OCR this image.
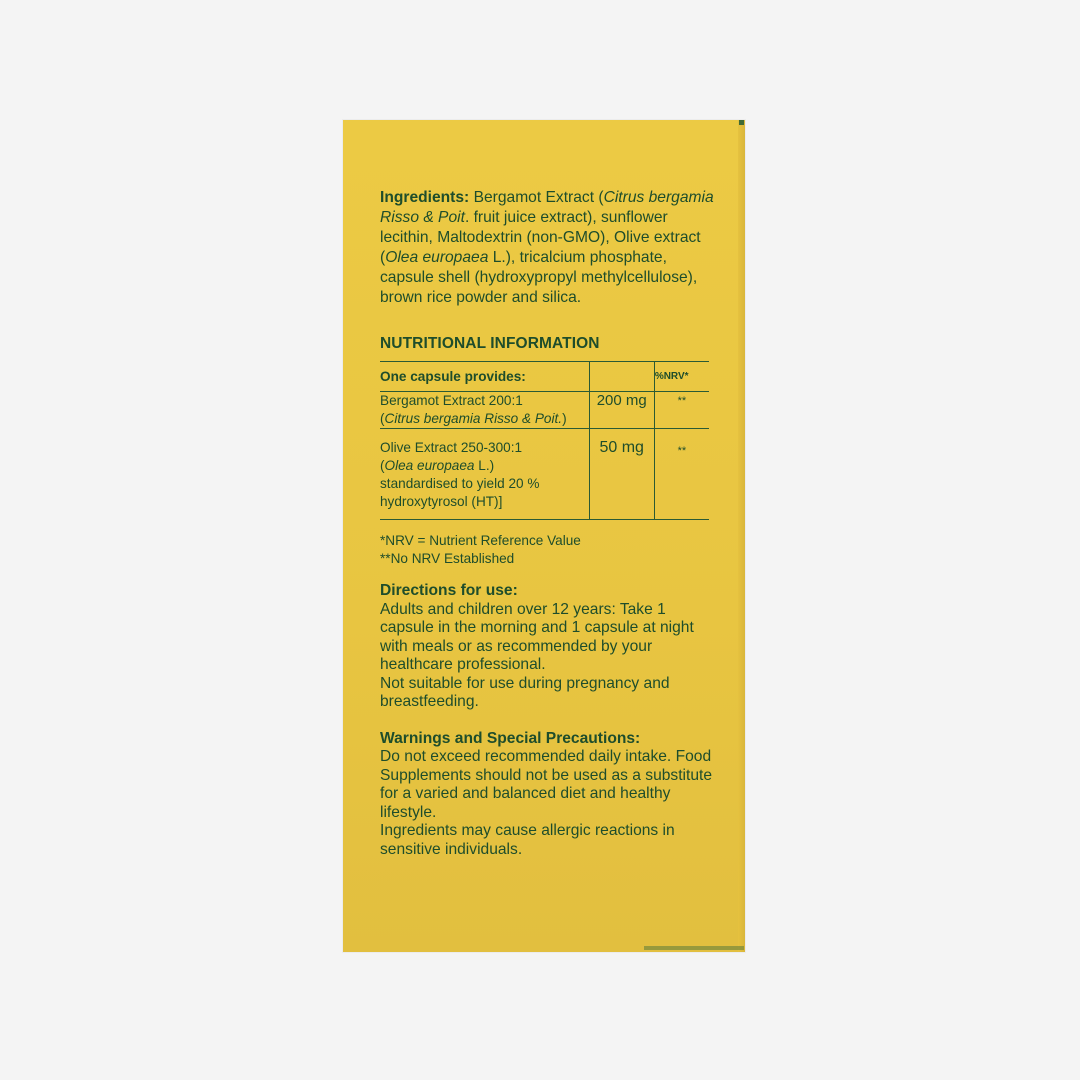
Ingredients: Bergamot Extract (Citrus bergamia Risso & Poit. fruit juice extract), sunflower lecithin, Maltodextrin (non-GMO), Olive extract (Olea europaea L.), tricalcium phosphate, capsule shell (hydroxypropyl methylcellulose), brown rice powder and silica.
NUTRITIONAL INFORMATION
One capsule provides:		%NRV*

Bergamot Extract 200:1
(Citrus bergamia Risso & Poit.)	200 mg	**

Olive Extract 250-300:1
(Olea europaea L.)
standardised to yield 20 % hydroxytyrosol (HT)]	50 mg	**
*NRV = Nutrient Reference Value
**No NRV Established
Directions for use:
Adults and children over 12 years: Take 1 capsule in the morning and 1 capsule at night with meals or as recommended by your healthcare professional.
Not suitable for use during pregnancy and breastfeeding.
Warnings and Special Precautions:
Do not exceed recommended daily intake. Food Supplements should not be used as a substitute for a varied and balanced diet and healthy lifestyle.
Ingredients may cause allergic reactions in sensitive individuals.
